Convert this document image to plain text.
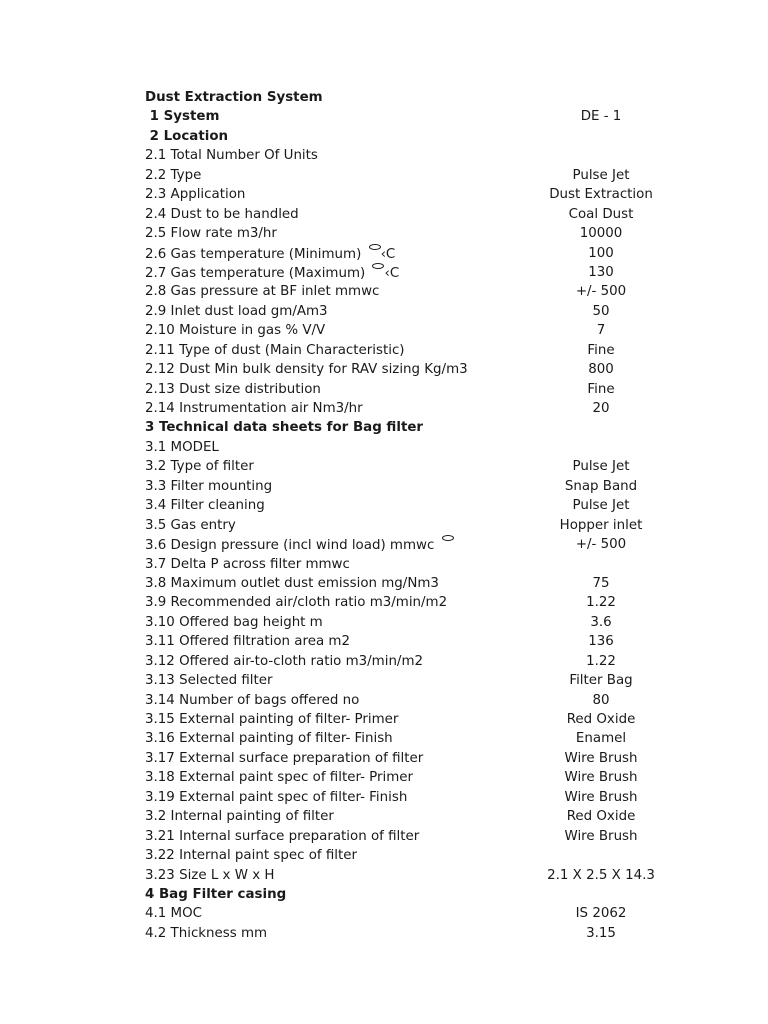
Dust Extraction System
1 System	DE - 1
2 Location
2.1 Total Number Of Units
2.2 Type	Pulse Jet
2.3 Application	Dust Extraction
2.4 Dust to be handled	Coal Dust
2.5 Flow rate m3/hr	10000
2.6 Gas temperature (Minimum) ‹C	100
2.7 Gas temperature (Maximum) ‹C	130
2.8 Gas pressure at BF inlet mmwc	+/- 500
2.9 Inlet dust load gm/Am3	50
2.10 Moisture in gas % V/V	7
2.11 Type of dust (Main Characteristic)	Fine
2.12 Dust Min bulk density for RAV sizing Kg/m3	800
2.13 Dust size distribution	Fine
2.14 Instrumentation air Nm3/hr	20
3 Technical data sheets for Bag filter
3.1 MODEL
3.2 Type of filter	Pulse Jet
3.3 Filter mounting	Snap Band
3.4 Filter cleaning	Pulse Jet
3.5 Gas entry	Hopper inlet
3.6 Design pressure (incl wind load) mmwc	+/- 500
3.7 Delta P across filter mmwc
3.8 Maximum outlet dust emission mg/Nm3	75
3.9 Recommended air/cloth ratio m3/min/m2	1.22
3.10 Offered bag height m	3.6
3.11 Offered filtration area m2	136
3.12 Offered air-to-cloth ratio m3/min/m2	1.22
3.13 Selected filter	Filter Bag
3.14 Number of bags offered no	80
3.15 External painting of filter- Primer	Red Oxide
3.16 External painting of filter- Finish	Enamel
3.17 External surface preparation of filter	Wire Brush
3.18 External paint spec of filter- Primer	Wire Brush
3.19 External paint spec of filter- Finish	Wire Brush
3.2 Internal painting of filter	Red Oxide
3.21 Internal surface preparation of filter	Wire Brush
3.22 Internal paint spec of filter
3.23 Size L x W x H	2.1 X 2.5 X 14.3
4 Bag Filter casing
4.1 MOC	IS 2062
4.2 Thickness mm	3.15
